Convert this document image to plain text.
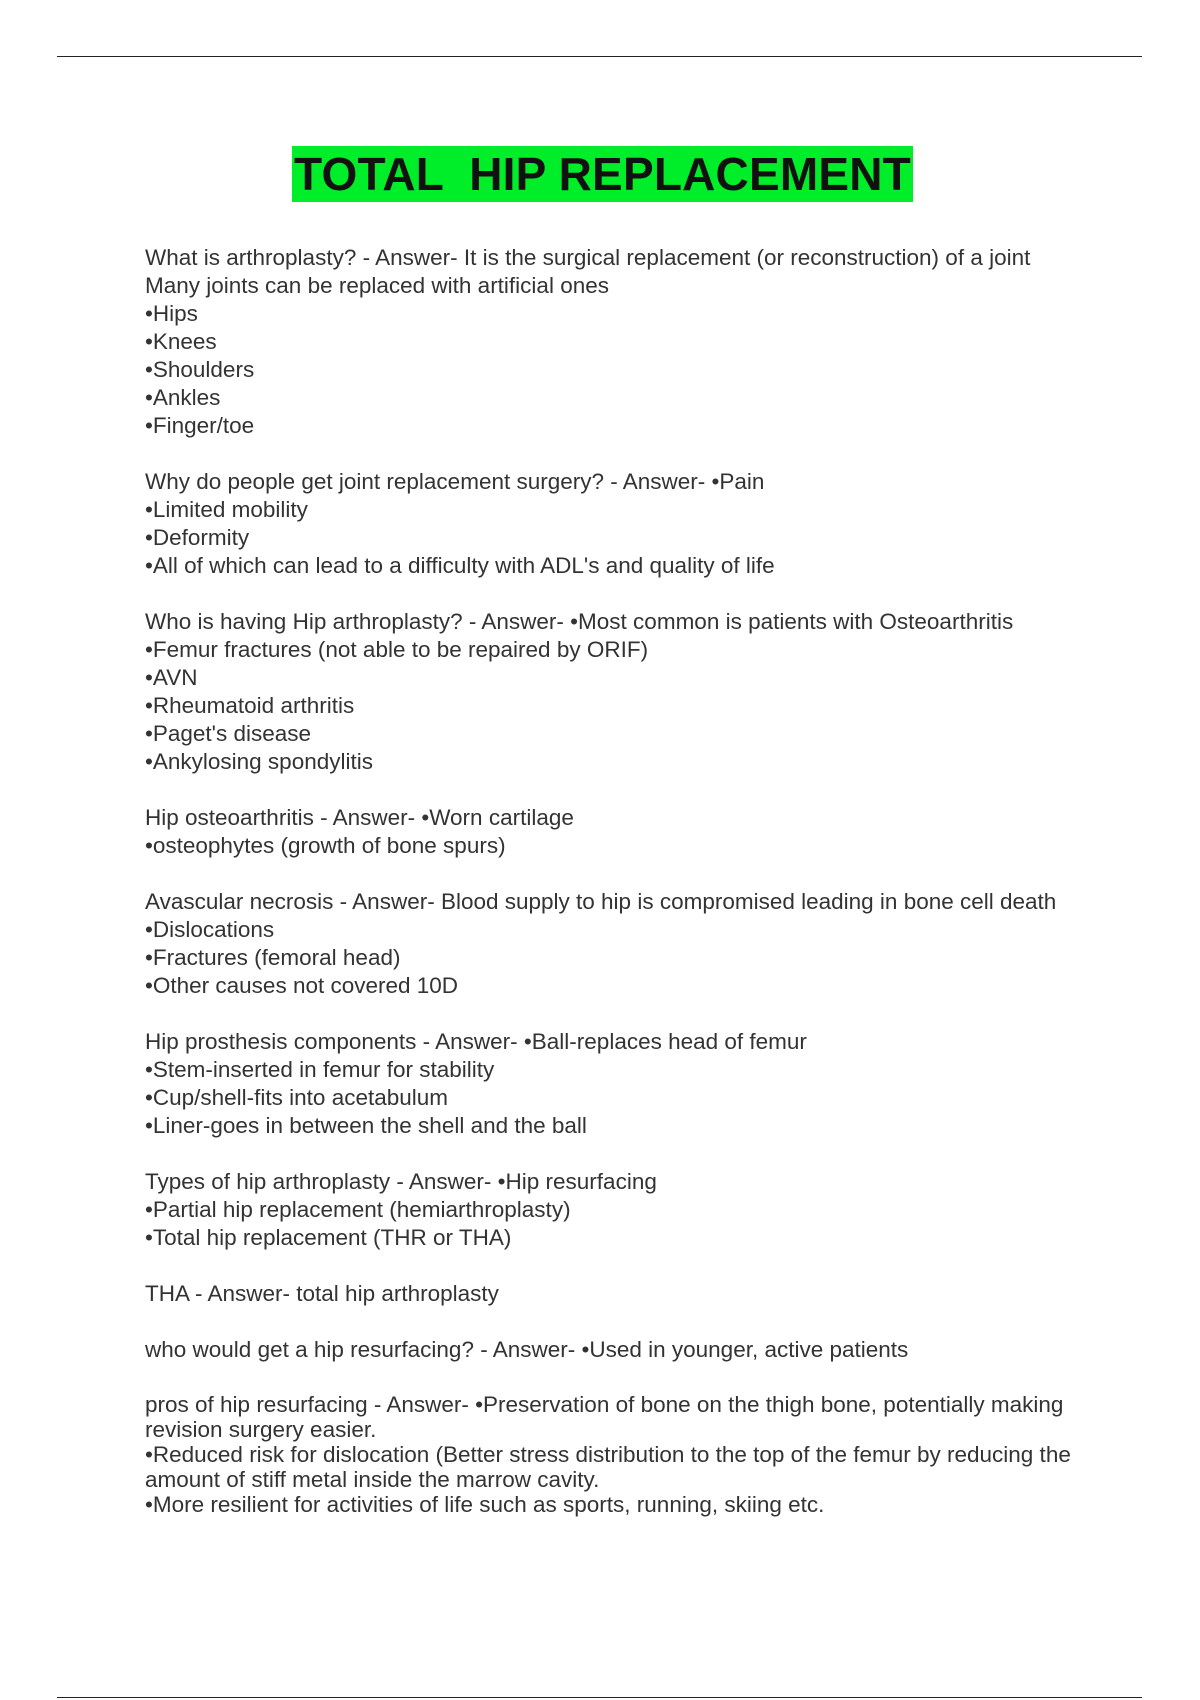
TOTAL  HIP REPLACEMENT
What is arthroplasty? - Answer- It is the surgical replacement (or reconstruction) of a joint
Many joints can be replaced with artificial ones
•Hips
•Knees
•Shoulders
•Ankles
•Finger/toe
Why do people get joint replacement surgery? - Answer- •Pain
•Limited mobility
•Deformity
•All of which can lead to a difficulty with ADL's and quality of life
Who is having Hip arthroplasty? - Answer- •Most common is patients with Osteoarthritis
•Femur fractures (not able to be repaired by ORIF)
•AVN
•Rheumatoid arthritis
•Paget's disease
•Ankylosing spondylitis
Hip osteoarthritis - Answer- •Worn cartilage
•osteophytes (growth of bone spurs)
Avascular necrosis - Answer- Blood supply to hip is compromised leading in bone cell death
•Dislocations
•Fractures (femoral head)
•Other causes not covered 10D
Hip prosthesis components - Answer- •Ball-replaces head of femur
•Stem-inserted in femur for stability
•Cup/shell-fits into acetabulum
•Liner-goes in between the shell and the ball
Types of hip arthroplasty - Answer- •Hip resurfacing
•Partial hip replacement (hemiarthroplasty)
•Total hip replacement (THR or THA)
THA - Answer- total hip arthroplasty
who would get a hip resurfacing? - Answer- •Used in younger, active patients
pros of hip resurfacing - Answer- •Preservation of bone on the thigh bone, potentially making revision surgery easier.
•Reduced risk for dislocation (Better stress distribution to the top of the femur by reducing the amount of stiff metal inside the marrow cavity.
•More resilient for activities of life such as sports, running, skiing etc.
